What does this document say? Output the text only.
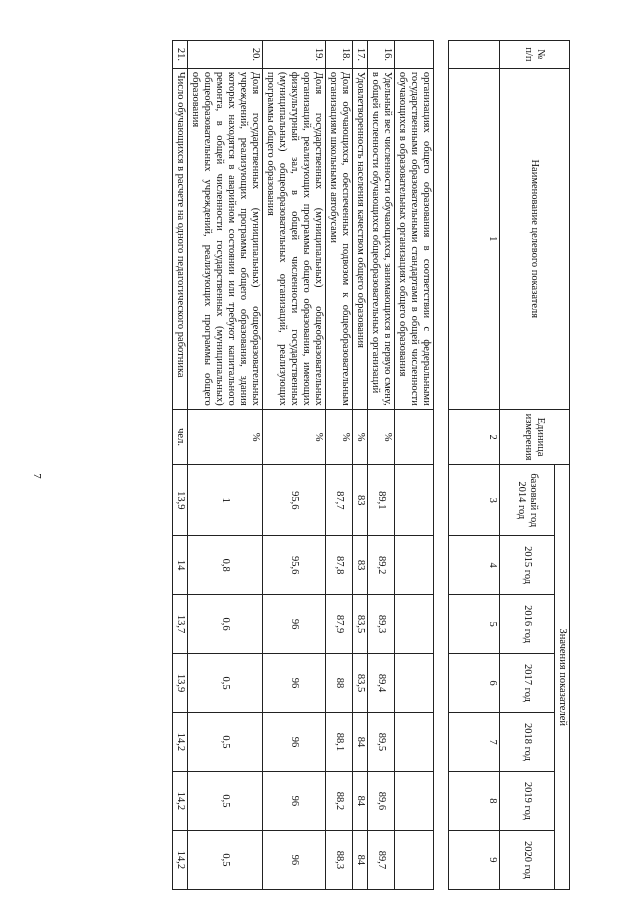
7
№
п/п	Наименование целевого показателя	Единица измерения	Значения показателей						
			базовый год 2014 год	2015 год	2016 год	2017 год	2018 год	2019 год	2020 год
	1	2	3	4	5	6	7	8	9

	организациях общего образования в соответствии с федеральными государственными образовательными стандартами в общей численности обучающихся в образовательных организациях общего образования								
16.	Удельный вес численности обучающихся, занимающихся в первую смену, в общей численности обучающихся общеобразовательных организаций	%	89,1	89,2	89,3	89,4	89,5	89,6	89,7
17.	Удовлетворенность населения качеством общего образования	%	83	83	83,5	83,5	84	84	84
18.	Доля обучающихся, обеспеченных подвозом к общеобразовательным организациям школьными автобусами	%	87,7	87,8	87,9	88	88,1	88,2	88,3
19.	Доля государственных (муниципальных) общеобразовательных организаций, реализующих программы общего образования, имеющих физкультурный зал, в общей численности государственных (муниципальных) общеобразовательных организаций, реализующих программы общего образования	%	95,6	95,6	96	96	96	96	96
20.	Доля государственных (муниципальных) общеобразовательных учреждений, реализующих программы общего образования, здания которых находятся в аварийном состоянии или требуют капитального ремонта, в общей численности государственных (муниципальных) общеобразовательных учреждений, реализующих программы общего образования	%	1	0,8	0,6	0,5	0,5	0,5	0,5
21.	Число обучающихся в расчете на одного педагогического работника	чел.	13,9	14	13,7	13,9	14,2	14,2	14,2
